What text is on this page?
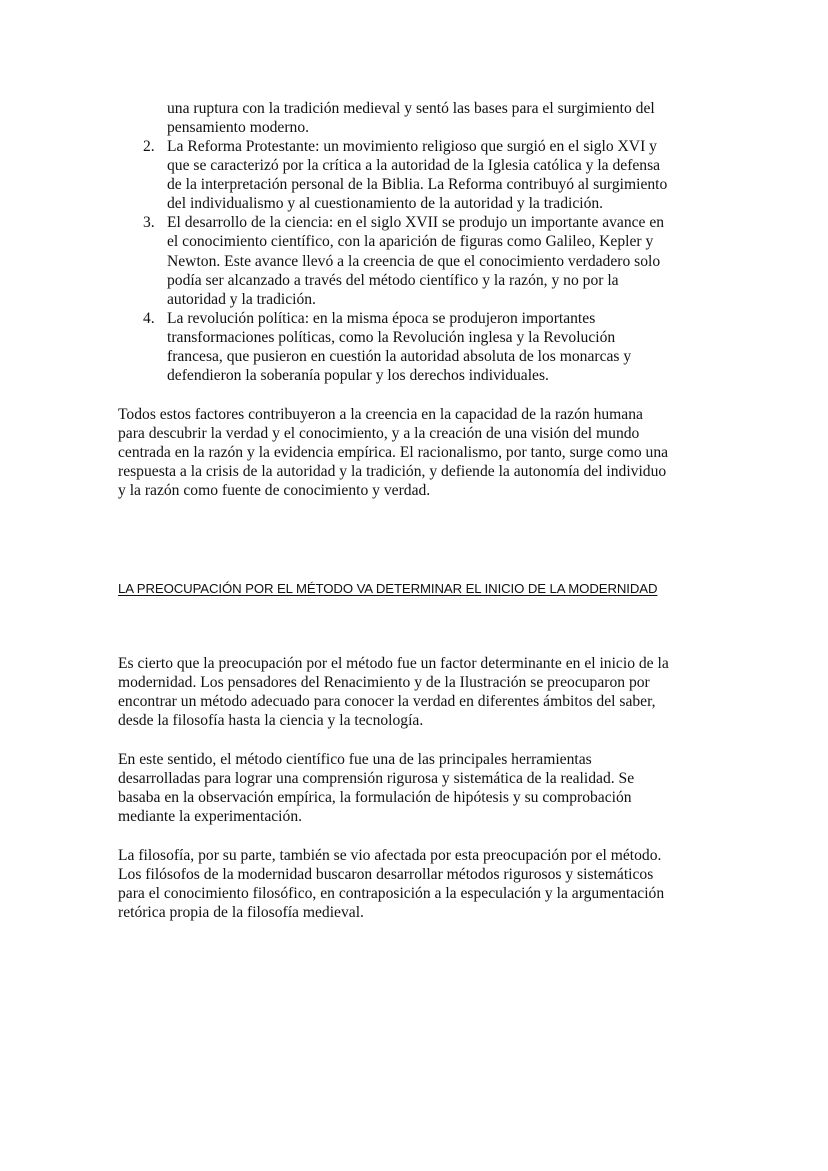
una ruptura con la tradición medieval y sentó las bases para el surgimiento del
pensamiento moderno.

2. La Reforma Protestante: un movimiento religioso que surgió en el siglo XVI y
que se caracterizó por la crítica a la autoridad de la Iglesia católica y la defensa
de la interpretación personal de la Biblia. La Reforma contribuyó al surgimiento
del individualismo y al cuestionamiento de la autoridad y la tradición.
3. El desarrollo de la ciencia: en el siglo XVII se produjo un importante avance en
el conocimiento científico, con la aparición de figuras como Galileo, Kepler y
Newton. Este avance llevó a la creencia de que el conocimiento verdadero solo
podía ser alcanzado a través del método científico y la razón, y no por la
autoridad y la tradición.
4. La revolución política: en la misma época se produjeron importantes
transformaciones políticas, como la Revolución inglesa y la Revolución
francesa, que pusieron en cuestión la autoridad absoluta de los monarcas y
defendieron la soberanía popular y los derechos individuales.

Todos estos factores contribuyeron a la creencia en la capacidad de la razón humana
para descubrir la verdad y el conocimiento, y a la creación de una visión del mundo
centrada en la razón y la evidencia empírica. El racionalismo, por tanto, surge como una
respuesta a la crisis de la autoridad y la tradición, y defiende la autonomía del individuo
y la razón como fuente de conocimiento y verdad.

LA PREOCUPACIÓN POR EL MÉTODO VA DETERMINAR EL INICIO DE LA MODERNIDAD

Es cierto que la preocupación por el método fue un factor determinante en el inicio de la
modernidad. Los pensadores del Renacimiento y de la Ilustración se preocuparon por
encontrar un método adecuado para conocer la verdad en diferentes ámbitos del saber,
desde la filosofía hasta la ciencia y la tecnología.

En este sentido, el método científico fue una de las principales herramientas
desarrolladas para lograr una comprensión rigurosa y sistemática de la realidad. Se
basaba en la observación empírica, la formulación de hipótesis y su comprobación
mediante la experimentación.

La filosofía, por su parte, también se vio afectada por esta preocupación por el método.
Los filósofos de la modernidad buscaron desarrollar métodos rigurosos y sistemáticos
para el conocimiento filosófico, en contraposición a la especulación y la argumentación
retórica propia de la filosofía medieval.
